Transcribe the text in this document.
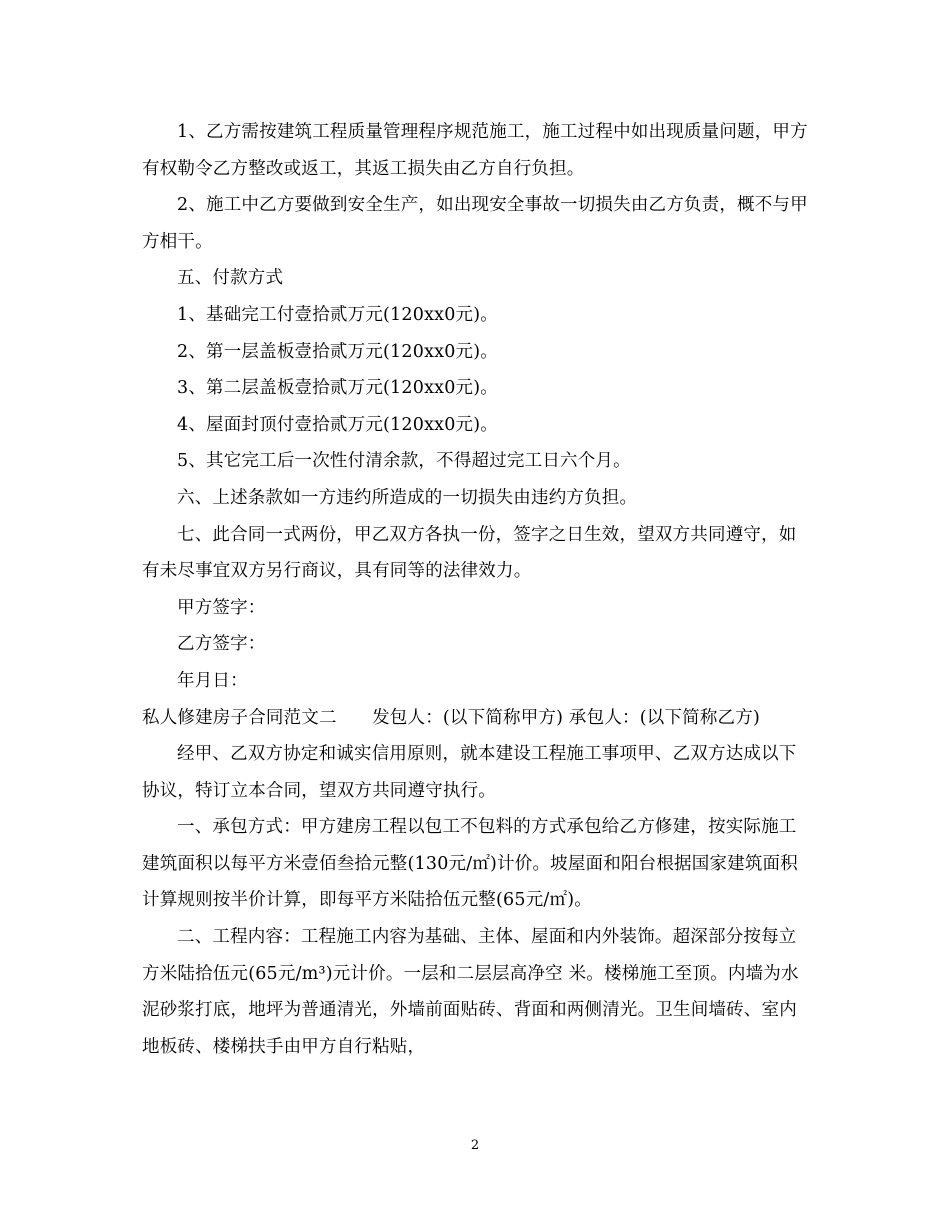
1、乙方需按建筑工程质量管理程序规范施工，施工过程中如出现质量问题，甲方有权勒令乙方整改或返工，其返工损失由乙方自行负担。

2、施工中乙方要做到安全生产，如出现安全事故一切损失由乙方负责，概不与甲方相干。

五、付款方式

1、基础完工付壹拾贰万元(120xx0元)。

2、第一层盖板壹拾贰万元(120xx0元)。

3、第二层盖板壹拾贰万元(120xx0元)。

4、屋面封顶付壹拾贰万元(120xx0元)。

5、其它完工后一次性付清余款，不得超过完工日六个月。

六、上述条款如一方违约所造成的一切损失由违约方负担。

七、此合同一式两份，甲乙双方各执一份，签字之日生效，望双方共同遵守，如有未尽事宜双方另行商议，具有同等的法律效力。

甲方签字：

乙方签字：

年月日：

私人修建房子合同范文二　　发包人：(以下简称甲方) 承包人：(以下简称乙方)

经甲、乙双方协定和诚实信用原则，就本建设工程施工事项甲、乙双方达成以下协议，特订立本合同，望双方共同遵守执行。

一、承包方式：甲方建房工程以包工不包料的方式承包给乙方修建，按实际施工建筑面积以每平方米壹佰叁拾元整(130元/㎡)计价。坡屋面和阳台根据国家建筑面积计算规则按半价计算，即每平方米陆拾伍元整(65元/㎡)。

二、工程内容：工程施工内容为基础、主体、屋面和内外装饰。超深部分按每立方米陆拾伍元(65元/m³)元计价。一层和二层层高净空 米。楼梯施工至顶。内墙为水泥砂浆打底，地坪为普通清光，外墙前面贴砖、背面和两侧清光。卫生间墙砖、室内地板砖、楼梯扶手由甲方自行粘贴，

2
